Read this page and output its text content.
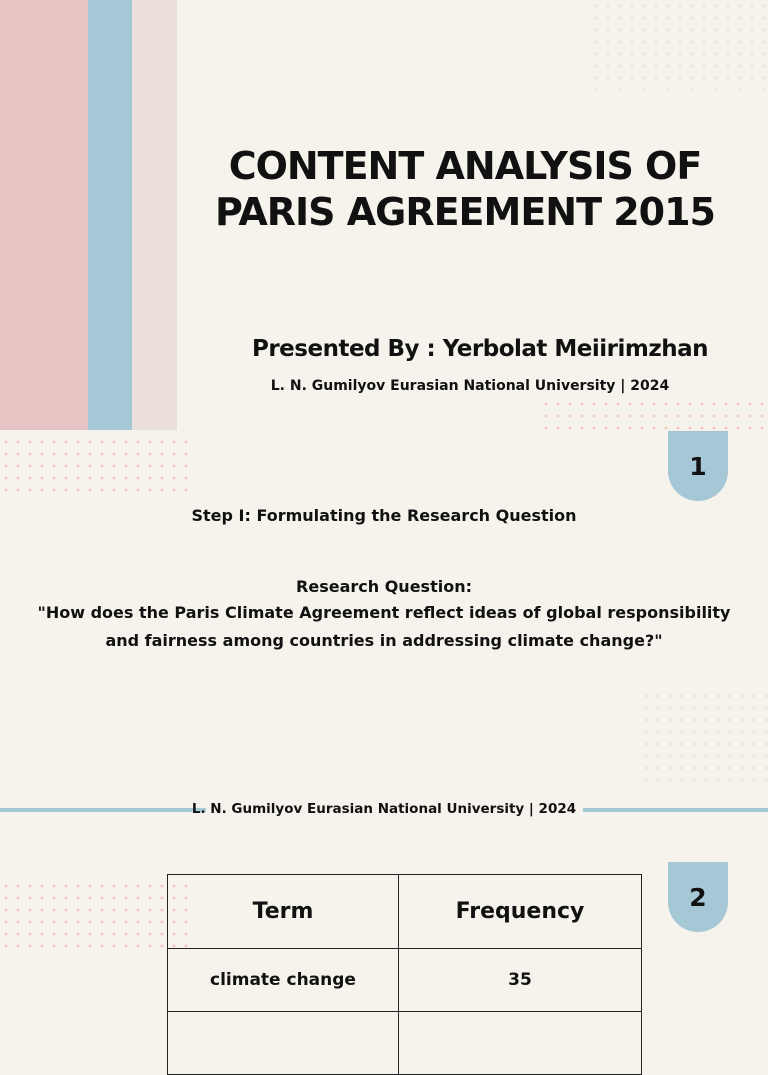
CONTENT ANALYSIS OF
PARIS AGREEMENT 2015
Presented By : Yerbolat Meiirimzhan
L. N. Gumilyov Eurasian National University | 2024
1
Step I: Formulating the Research Question
Research Question:
"How does the Paris Climate Agreement reflect ideas of global responsibility and fairness among countries in addressing climate change?"
L. N. Gumilyov Eurasian National University | 2024
2
Term	Frequency
climate change	35
